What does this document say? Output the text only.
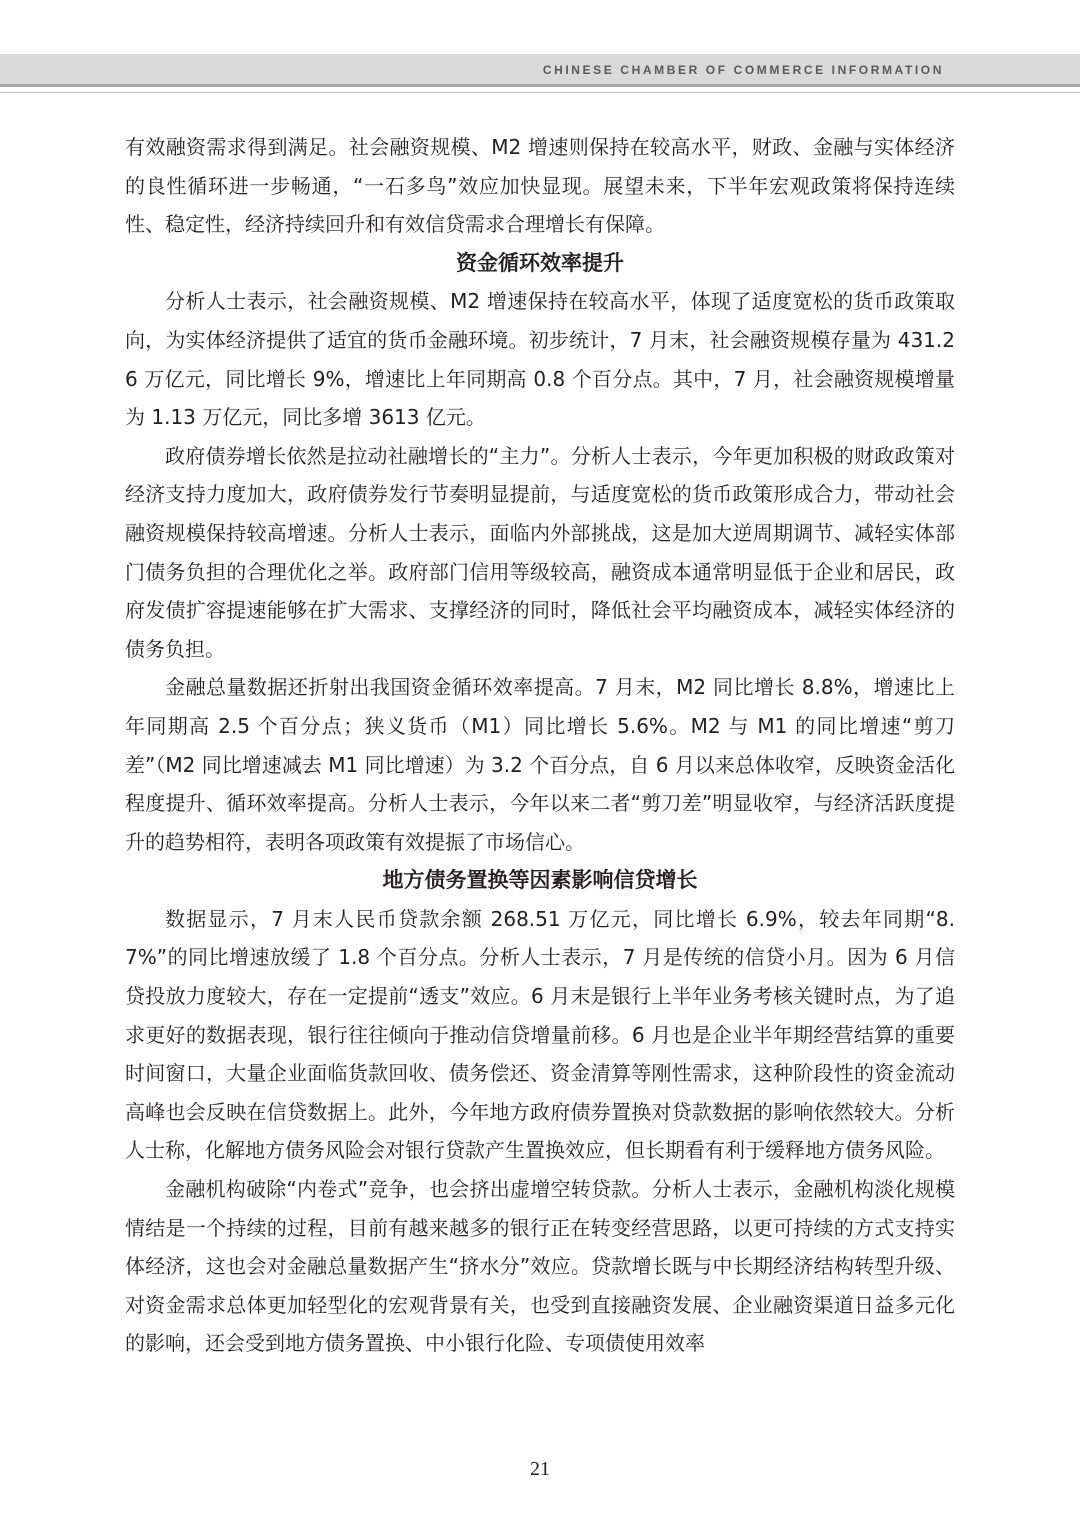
CHINESE CHAMBER OF COMMERCE INFORMATION

有效融资需求得到满足。社会融资规模、M2 增速则保持在较高水平，财政、金融与实体经济的良性循环进一步畅通，“一石多鸟”效应加快显现。展望未来，下半年宏观政策将保持连续性、稳定性，经济持续回升和有效信贷需求合理增长有保障。

资金循环效率提升

分析人士表示，社会融资规模、M2 增速保持在较高水平，体现了适度宽松的货币政策取向，为实体经济提供了适宜的货币金融环境。初步统计，7 月末，社会融资规模存量为 431.26 万亿元，同比增长 9%，增速比上年同期高 0.8 个百分点。其中，7 月，社会融资规模增量为 1.13 万亿元，同比多增 3613 亿元。

政府债券增长依然是拉动社融增长的“主力”。分析人士表示，今年更加积极的财政政策对经济支持力度加大，政府债券发行节奏明显提前，与适度宽松的货币政策形成合力，带动社会融资规模保持较高增速。分析人士表示，面临内外部挑战，这是加大逆周期调节、减轻实体部门债务负担的合理优化之举。政府部门信用等级较高，融资成本通常明显低于企业和居民，政府发债扩容提速能够在扩大需求、支撑经济的同时，降低社会平均融资成本，减轻实体经济的债务负担。

金融总量数据还折射出我国资金循环效率提高。7 月末，M2 同比增长 8.8%，增速比上年同期高 2.5 个百分点；狭义货币（M1）同比增长 5.6%。M2 与 M1 的同比增速“剪刀差”（M2 同比增速减去 M1 同比增速）为 3.2 个百分点，自 6 月以来总体收窄，反映资金活化程度提升、循环效率提高。分析人士表示，今年以来二者“剪刀差”明显收窄，与经济活跃度提升的趋势相符，表明各项政策有效提振了市场信心。

地方债务置换等因素影响信贷增长

数据显示，7 月末人民币贷款余额 268.51 万亿元，同比增长 6.9%，较去年同期“8.7%”的同比增速放缓了 1.8 个百分点。分析人士表示，7 月是传统的信贷小月。因为 6 月信贷投放力度较大，存在一定提前“透支”效应。6 月末是银行上半年业务考核关键时点，为了追求更好的数据表现，银行往往倾向于推动信贷增量前移。6 月也是企业半年期经营结算的重要时间窗口，大量企业面临货款回收、债务偿还、资金清算等刚性需求，这种阶段性的资金流动高峰也会反映在信贷数据上。此外，今年地方政府债券置换对贷款数据的影响依然较大。分析人士称，化解地方债务风险会对银行贷款产生置换效应，但长期看有利于缓释地方债务风险。

金融机构破除“内卷式”竞争，也会挤出虚增空转贷款。分析人士表示，金融机构淡化规模情结是一个持续的过程，目前有越来越多的银行正在转变经营思路，以更可持续的方式支持实体经济，这也会对金融总量数据产生“挤水分”效应。贷款增长既与中长期经济结构转型升级、对资金需求总体更加轻型化的宏观背景有关，也受到直接融资发展、企业融资渠道日益多元化的影响，还会受到地方债务置换、中小银行化险、专项债使用效率

21
